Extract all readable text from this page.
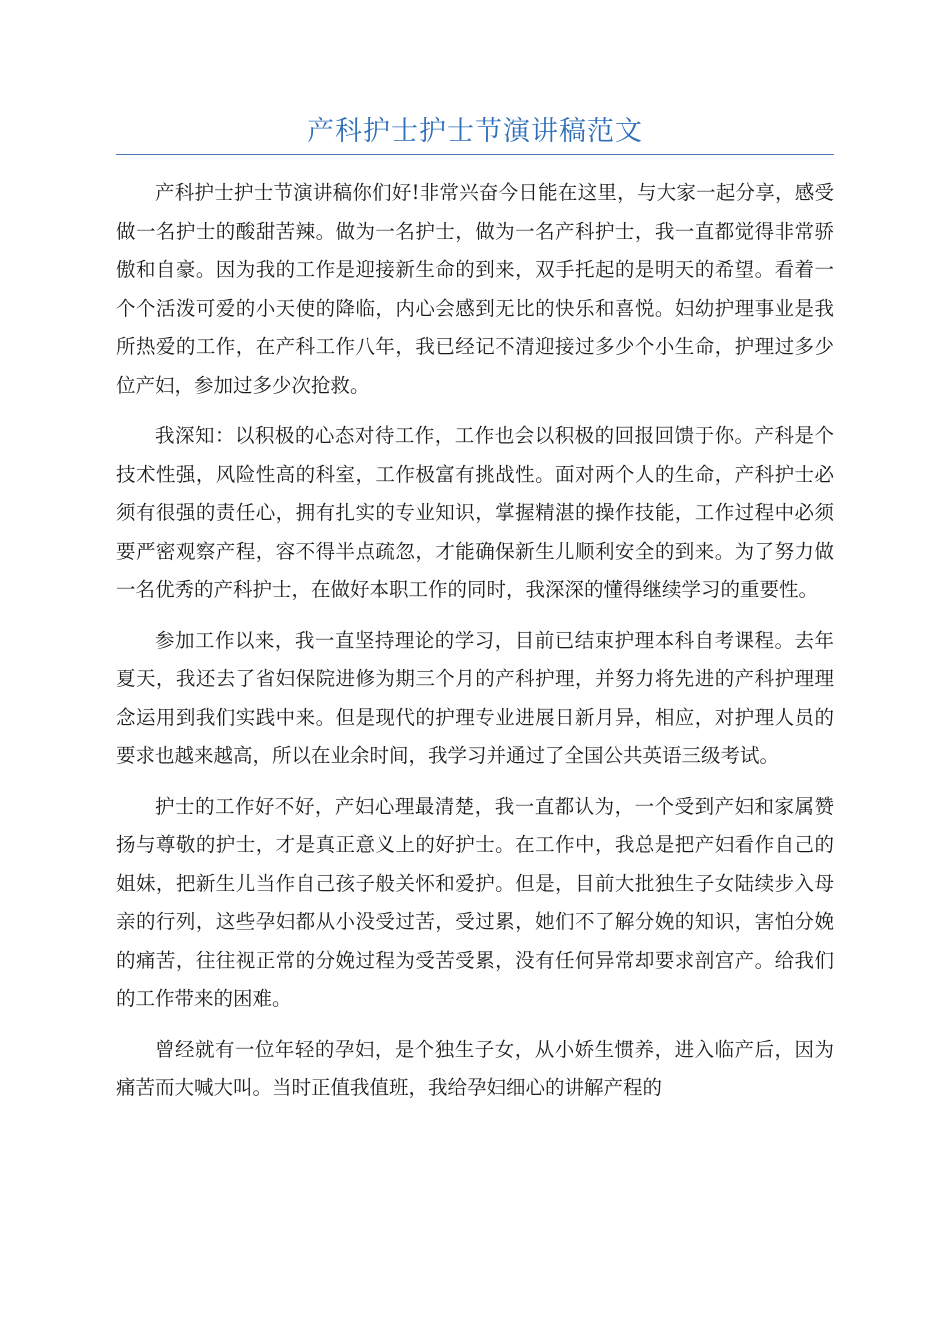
产科护士护士节演讲稿范文

产科护士护士节演讲稿你们好!非常兴奋今日能在这里，与大家一起分享，感受做一名护士的酸甜苦辣。做为一名护士，做为一名产科护士，我一直都觉得非常骄傲和自豪。因为我的工作是迎接新生命的到来，双手托起的是明天的希望。看着一个个活泼可爱的小天使的降临，内心会感到无比的快乐和喜悦。妇幼护理事业是我所热爱的工作，在产科工作八年，我已经记不清迎接过多少个小生命，护理过多少位产妇，参加过多少次抢救。

我深知：以积极的心态对待工作，工作也会以积极的回报回馈于你。产科是个技术性强，风险性高的科室，工作极富有挑战性。面对两个人的生命，产科护士必须有很强的责任心，拥有扎实的专业知识，掌握精湛的操作技能，工作过程中必须要严密观察产程，容不得半点疏忽，才能确保新生儿顺利安全的到来。为了努力做一名优秀的产科护士，在做好本职工作的同时，我深深的懂得继续学习的重要性。

参加工作以来，我一直坚持理论的学习，目前已结束护理本科自考课程。去年夏天，我还去了省妇保院进修为期三个月的产科护理，并努力将先进的产科护理理念运用到我们实践中来。但是现代的护理专业进展日新月异，相应，对护理人员的要求也越来越高，所以在业余时间，我学习并通过了全国公共英语三级考试。

护士的工作好不好，产妇心理最清楚，我一直都认为，一个受到产妇和家属赞扬与尊敬的护士，才是真正意义上的好护士。在工作中，我总是把产妇看作自己的姐妹，把新生儿当作自己孩子般关怀和爱护。但是，目前大批独生子女陆续步入母亲的行列，这些孕妇都从小没受过苦，受过累，她们不了解分娩的知识，害怕分娩的痛苦，往往视正常的分娩过程为受苦受累，没有任何异常却要求剖宫产。给我们的工作带来的困难。

曾经就有一位年轻的孕妇，是个独生子女，从小娇生惯养，进入临产后，因为痛苦而大喊大叫。当时正值我值班，我给孕妇细心的讲解产程的
